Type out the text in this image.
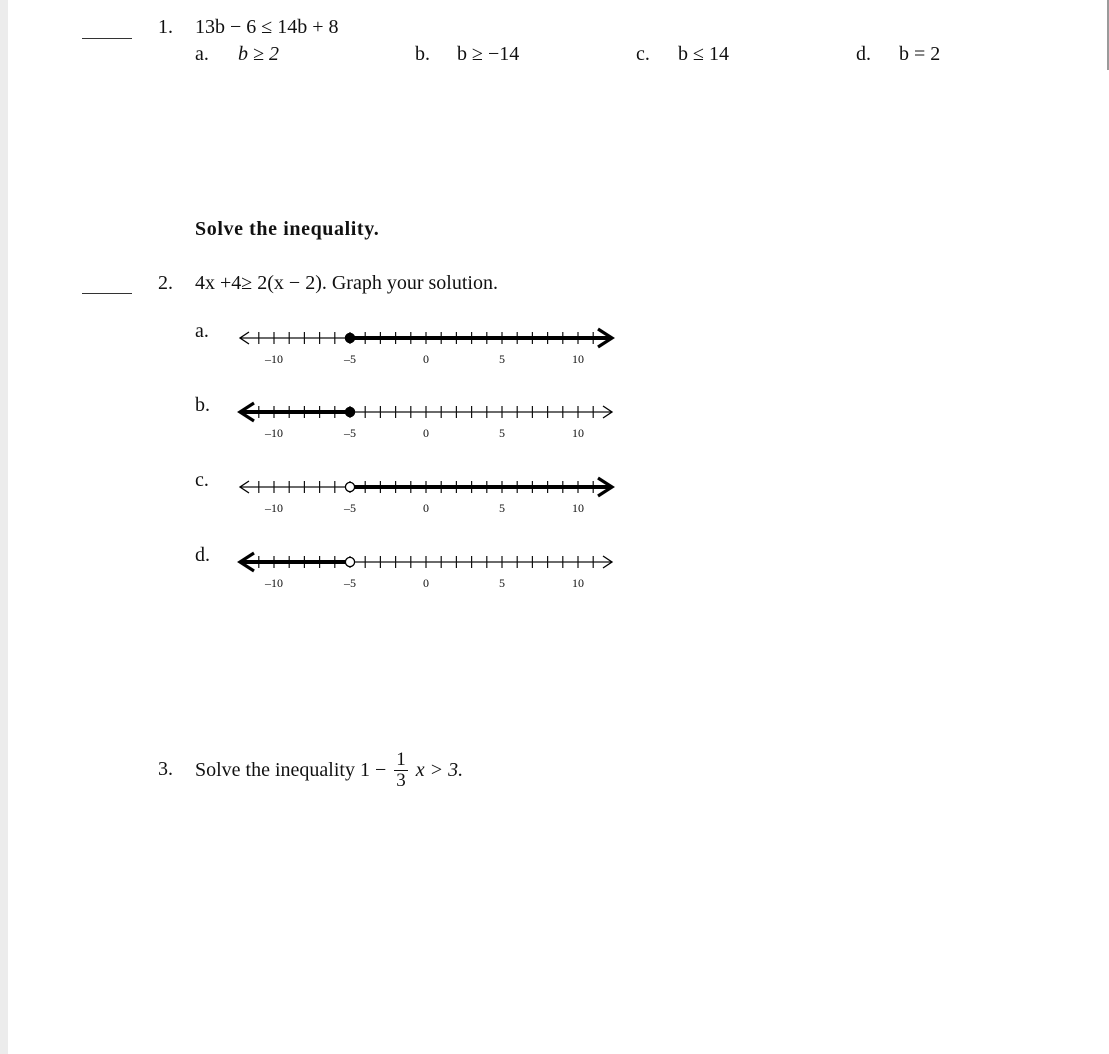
1. 13b − 6 ≤ 14b + 8
a. b ≥ 2	b. b ≥ −14	c. b ≤ 14	d. b = 2
Solve the inequality.
2. 4x +4≥ 2(x − 2). Graph your solution.
a.
–10	–5	0	5	10
b.
–10	–5	0	5	10
c.
–10	–5	0	5	10
d.
–10	–5	0	5	10
3. Solve the inequality $1 - \frac{1}{3}$ x > 3.
